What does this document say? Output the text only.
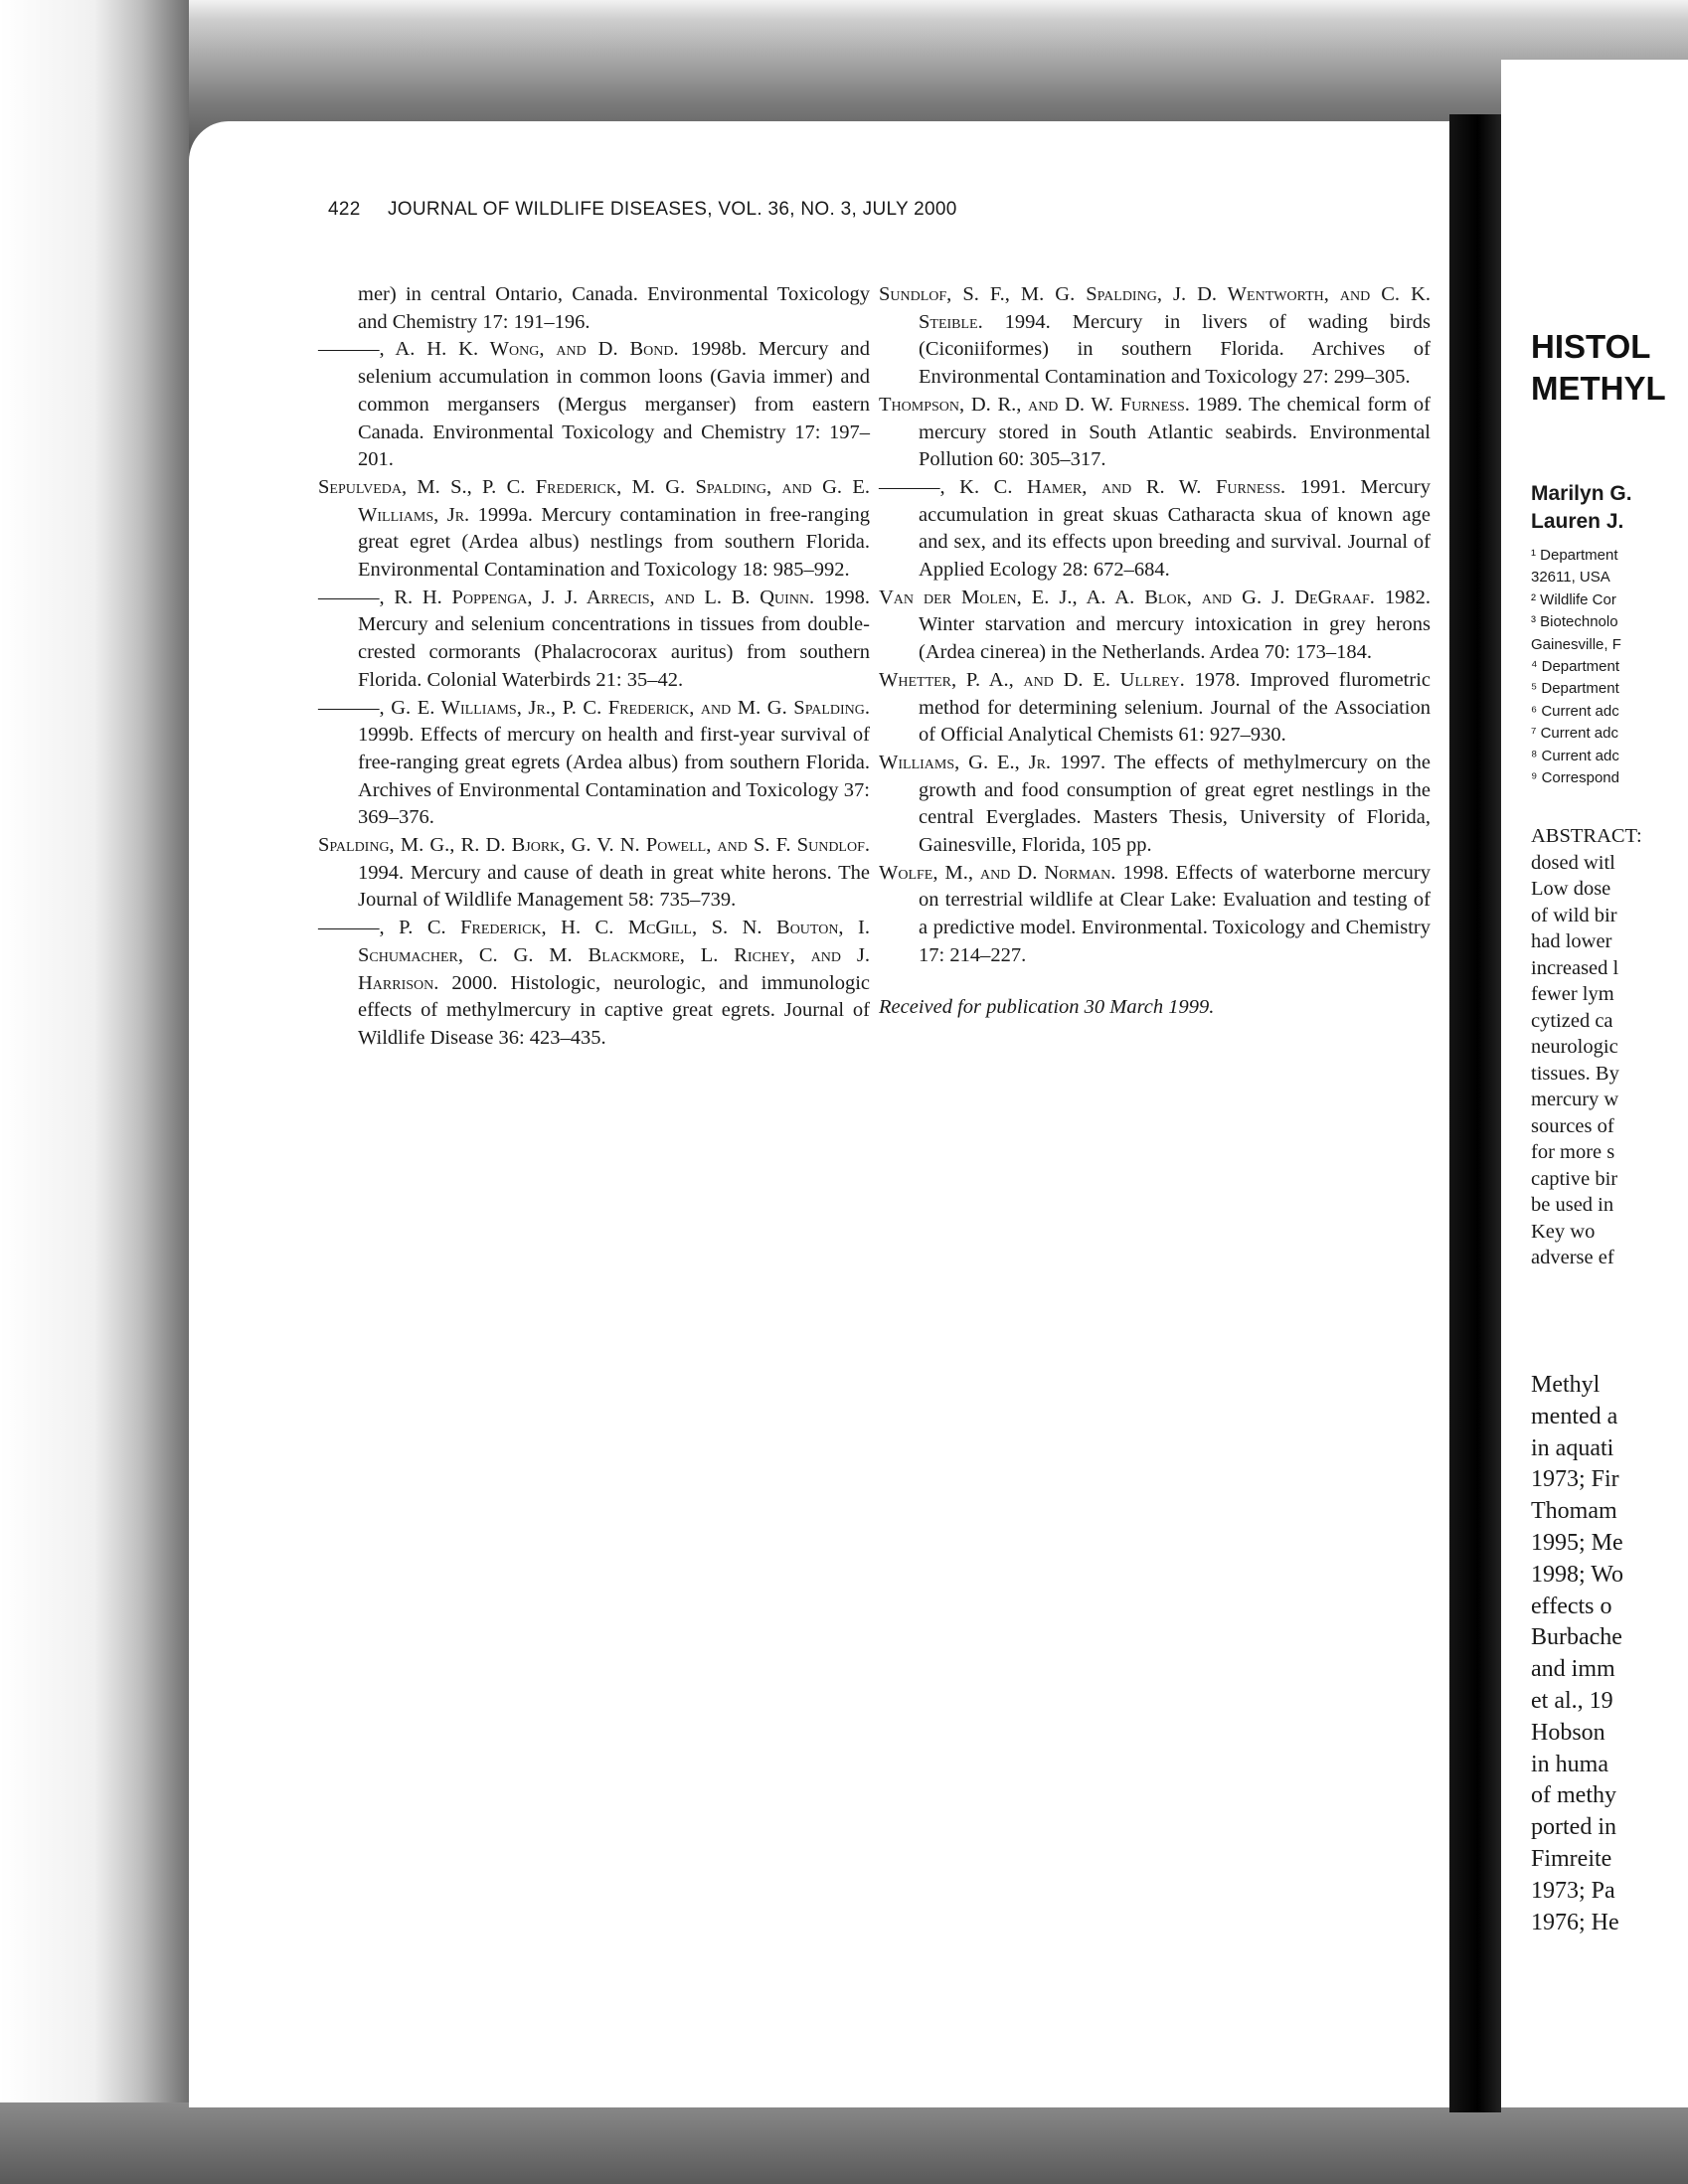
422 JOURNAL OF WILDLIFE DISEASES, VOL. 36, NO. 3, JULY 2000

mer) in central Ontario, Canada. Environmental Toxicology and Chemistry 17: 191–196.

———, A. H. K. Wong, and D. Bond. 1998b. Mercury and selenium accumulation in common loons (Gavia immer) and common mergansers (Mergus merganser) from eastern Canada. Environmental Toxicology and Chemistry 17: 197–201.

Sepulveda, M. S., P. C. Frederick, M. G. Spalding, and G. E. Williams, Jr. 1999a. Mercury contamination in free-ranging great egret (Ardea albus) nestlings from southern Florida. Environmental Contamination and Toxicology 18: 985–992.

———, R. H. Poppenga, J. J. Arrecis, and L. B. Quinn. 1998. Mercury and selenium concentrations in tissues from double-crested cormorants (Phalacrocorax auritus) from southern Florida. Colonial Waterbirds 21: 35–42.

———, G. E. Williams, Jr., P. C. Frederick, and M. G. Spalding. 1999b. Effects of mercury on health and first-year survival of free-ranging great egrets (Ardea albus) from southern Florida. Archives of Environmental Contamination and Toxicology 37: 369–376.

Spalding, M. G., R. D. Bjork, G. V. N. Powell, and S. F. Sundlof. 1994. Mercury and cause of death in great white herons. The Journal of Wildlife Management 58: 735–739.

———, P. C. Frederick, H. C. McGill, S. N. Bouton, I. Schumacher, C. G. M. Blackmore, L. Richey, and J. Harrison. 2000. Histologic, neurologic, and immunologic effects of methylmercury in captive great egrets. Journal of Wildlife Disease 36: 423–435.

Sundlof, S. F., M. G. Spalding, J. D. Wentworth, and C. K. Steible. 1994. Mercury in livers of wading birds (Ciconiiformes) in southern Florida. Archives of Environmental Contamination and Toxicology 27: 299–305.

Thompson, D. R., and D. W. Furness. 1989. The chemical form of mercury stored in South Atlantic seabirds. Environmental Pollution 60: 305–317.

———, K. C. Hamer, and R. W. Furness. 1991. Mercury accumulation in great skuas Catharacta skua of known age and sex, and its effects upon breeding and survival. Journal of Applied Ecology 28: 672–684.

Van der Molen, E. J., A. A. Blok, and G. J. DeGraaf. 1982. Winter starvation and mercury intoxication in grey herons (Ardea cinerea) in the Netherlands. Ardea 70: 173–184.

Whetter, P. A., and D. E. Ullrey. 1978. Improved flurometric method for determining selenium. Journal of the Association of Official Analytical Chemists 61: 927–930.

Williams, G. E., Jr. 1997. The effects of methylmercury on the growth and food consumption of great egret nestlings in the central Everglades. Masters Thesis, University of Florida, Gainesville, Florida, 105 pp.

Wolfe, M., and D. Norman. 1998. Effects of waterborne mercury on terrestrial wildlife at Clear Lake: Evaluation and testing of a predictive model. Environmental. Toxicology and Chemistry 17: 214–227.

Received for publication 30 March 1999.

HISTOL
METHYL
Marilyn G.
Lauren J.
¹ Department
32611, USA
² Wildlife Cor
³ Biotechnolo
Gainesville, F
⁴ Department
⁵ Department
⁶ Current adc
⁷ Current adc
⁸ Current adc
⁹ Correspond
ABSTRACT:
dosed witl
Low dose
of wild bir
had lower
increased l
fewer lym
cytized ca
neurologic
tissues. By
mercury w
sources of
for more s
captive bir
be used in
Key wo
adverse ef
Methyl
mented a
in aquati
1973; Fir
Thomam
1995; Me
1998; Wo
effects o
Burbache
and imm
et al., 19
Hobson
in huma
of methy
ported in
Fimreite
1973; Pa
1976; He
